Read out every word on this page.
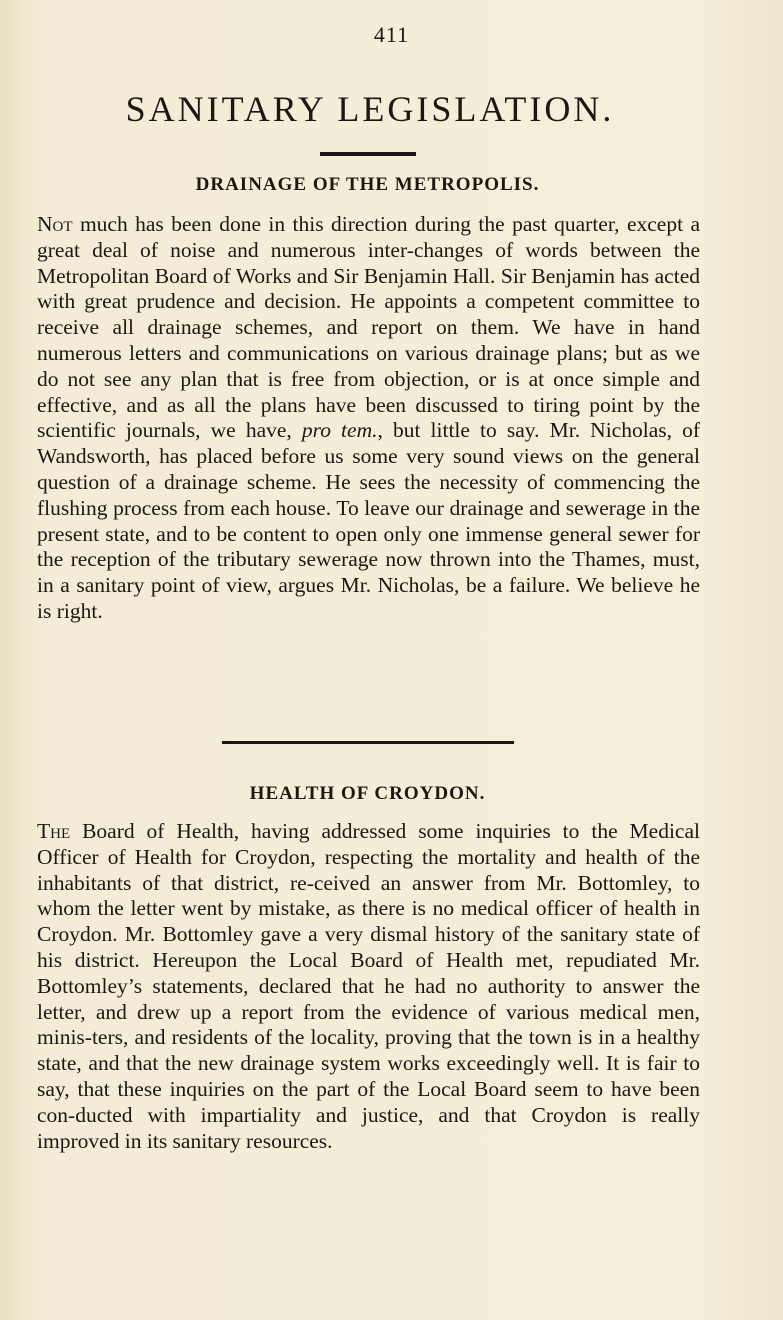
411
SANITARY LEGISLATION.
DRAINAGE OF THE METROPOLIS.
Not much has been done in this direction during the past quarter, except a great deal of noise and numerous inter-changes of words between the Metropolitan Board of Works and Sir Benjamin Hall. Sir Benjamin has acted with great prudence and decision. He appoints a competent committee to receive all drainage schemes, and report on them. We have in hand numerous letters and communications on various drainage plans; but as we do not see any plan that is free from objection, or is at once simple and effective, and as all the plans have been discussed to tiring point by the scientific journals, we have, pro tem., but little to say. Mr. Nicholas, of Wandsworth, has placed before us some very sound views on the general question of a drainage scheme. He sees the necessity of commencing the flushing process from each house. To leave our drainage and sewerage in the present state, and to be content to open only one immense general sewer for the reception of the tributary sewerage now thrown into the Thames, must, in a sanitary point of view, argues Mr. Nicholas, be a failure. We believe he is right.
HEALTH OF CROYDON.
The Board of Health, having addressed some inquiries to the Medical Officer of Health for Croydon, respecting the mortality and health of the inhabitants of that district, re-ceived an answer from Mr. Bottomley, to whom the letter went by mistake, as there is no medical officer of health in Croydon. Mr. Bottomley gave a very dismal history of the sanitary state of his district. Hereupon the Local Board of Health met, repudiated Mr. Bottomley’s statements, declared that he had no authority to answer the letter, and drew up a report from the evidence of various medical men, minis-ters, and residents of the locality, proving that the town is in a healthy state, and that the new drainage system works exceedingly well. It is fair to say, that these inquiries on the part of the Local Board seem to have been con-ducted with impartiality and justice, and that Croydon is really improved in its sanitary resources.
